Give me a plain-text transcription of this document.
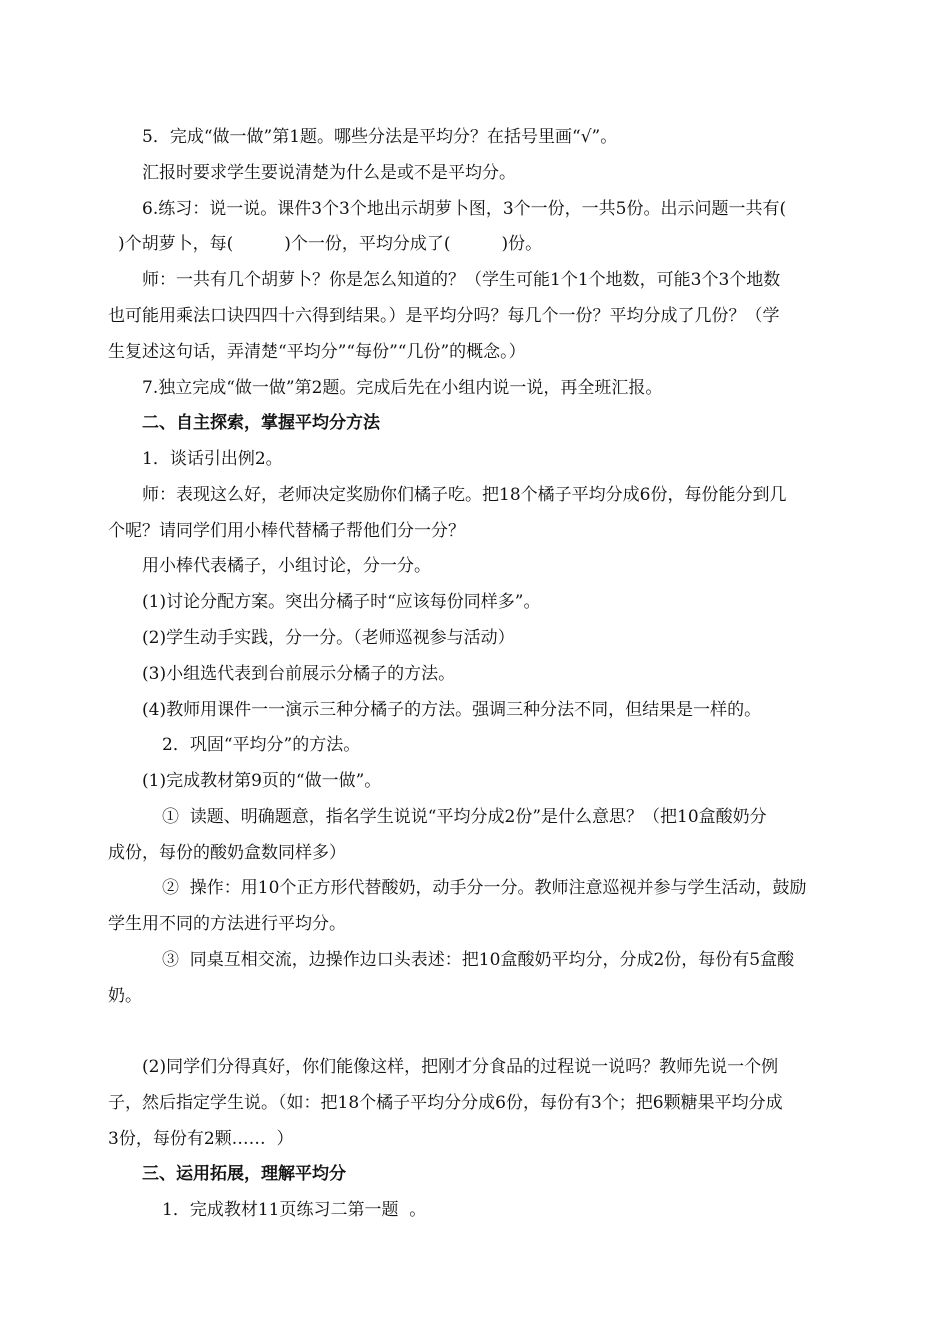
5．完成“做一做”第1题。哪些分法是平均分？在括号里画“√”。
汇报时要求学生要说清楚为什么是或不是平均分。
6.练习：说一说。课件3个3个地出示胡萝卜图，3个一份，一共5份。出示问题一共有(
)个胡萝卜，每(　　　)个一份，平均分成了(　　　)份。
师：一共有几个胡萝卜？你是怎么知道的？（学生可能1个1个地数，可能3个3个地数
也可能用乘法口诀四四十六得到结果。）是平均分吗？每几个一份？平均分成了几份？（学
生复述这句话，弄清楚“平均分”“每份”“几份”的概念。）
7.独立完成“做一做”第2题。完成后先在小组内说一说，再全班汇报。
二、自主探索，掌握平均分方法
1．谈话引出例2。
师：表现这么好，老师决定奖励你们橘子吃。把18个橘子平均分成6份，每份能分到几
个呢？请同学们用小棒代替橘子帮他们分一分？
用小棒代表橘子，小组讨论，分一分。
(1)讨论分配方案。突出分橘子时“应该每份同样多”。
(2)学生动手实践，分一分。（老师巡视参与活动）
(3)小组选代表到台前展示分橘子的方法。
(4)教师用课件一一演示三种分橘子的方法。强调三种分法不同，但结果是一样的。
2．巩固“平均分”的方法。
(1)完成教材第9页的“做一做”。
①  读题、明确题意，指名学生说说“平均分成2份”是什么意思？（把10盒酸奶分
成份，每份的酸奶盒数同样多）
②  操作：用10个正方形代替酸奶，动手分一分。教师注意巡视并参与学生活动，鼓励
学生用不同的方法进行平均分。
③  同桌互相交流，边操作边口头表述：把10盒酸奶平均分，分成2份，每份有5盒酸
奶。
(2)同学们分得真好，你们能像这样，把刚才分食品的过程说一说吗？教师先说一个例
子，然后指定学生说。（如：把18个橘子平均分分成6份，每份有3个；把6颗糖果平均分成
3份，每份有2颗……  ）
三、运用拓展，理解平均分
1．完成教材11页练习二第一题  。
